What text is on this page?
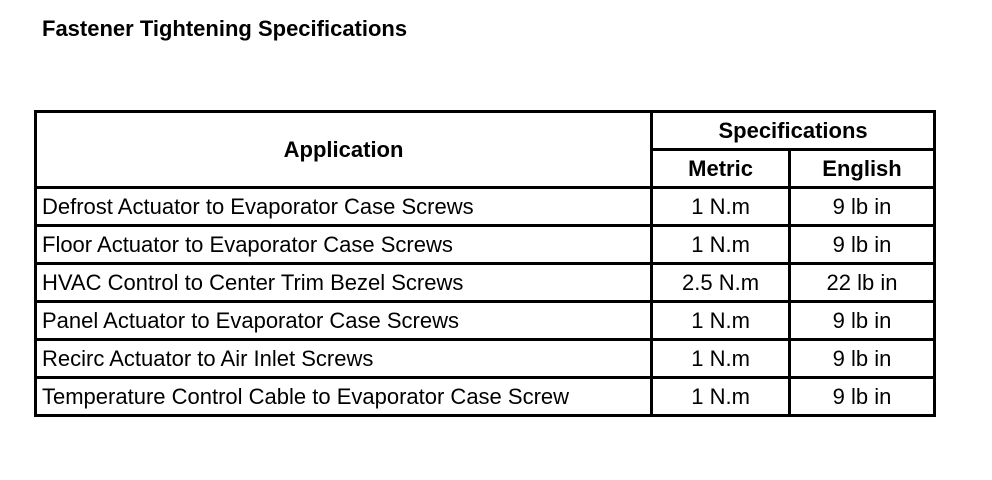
Fastener Tightening Specifications
Application	Specifications	
	Metric	English
Defrost Actuator to Evaporator Case Screws	1 N.m	9 lb in
Floor Actuator to Evaporator Case Screws	1 N.m	9 lb in
HVAC Control to Center Trim Bezel Screws	2.5 N.m	22 lb in
Panel Actuator to Evaporator Case Screws	1 N.m	9 lb in
Recirc Actuator to Air Inlet Screws	1 N.m	9 lb in
Temperature Control Cable to Evaporator Case Screw	1 N.m	9 lb in
